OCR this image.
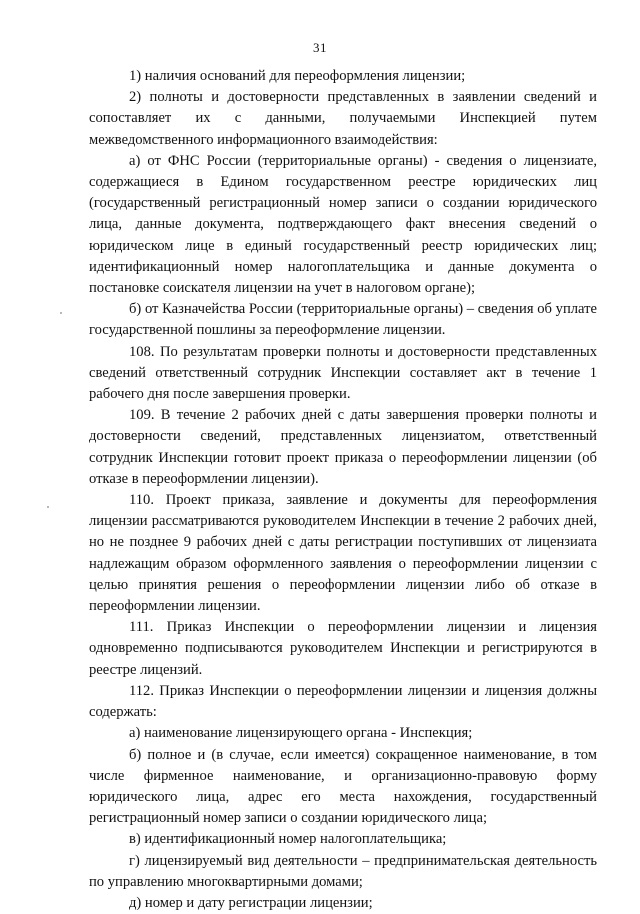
31

1) наличия оснований для переоформления лицензии;

2) полноты и достоверности представленных в заявлении сведений и сопоставляет их с данными, получаемыми Инспекцией путем межведомственного информационного взаимодействия:

а) от ФНС России (территориальные органы) - сведения о лицензиате, содержащиеся в Едином государственном реестре юридических лиц (государственный регистрационный номер записи о создании юридического лица, данные документа, подтверждающего факт внесения сведений о юридическом лице в единый государственный реестр юридических лиц; идентификационный номер налогоплательщика и данные документа о постановке соискателя лицензии на учет в налоговом органе);

б) от Казначейства России (территориальные органы) – сведения об уплате государственной пошлины за переоформление лицензии.

108. По результатам проверки полноты и достоверности представленных сведений ответственный сотрудник Инспекции составляет акт в течение 1 рабочего дня после завершения проверки.

109. В течение 2 рабочих дней с даты завершения проверки полноты и достоверности сведений, представленных лицензиатом, ответственный сотрудник Инспекции готовит проект приказа о переоформлении лицензии (об отказе в переоформлении лицензии).

110. Проект приказа, заявление и документы для переоформления лицензии рассматриваются руководителем Инспекции в течение 2 рабочих дней, но не позднее 9 рабочих дней с даты регистрации поступивших от лицензиата надлежащим образом оформленного заявления о переоформлении лицензии с целью принятия решения о переоформлении лицензии либо об отказе в переоформлении лицензии.

111. Приказ Инспекции о переоформлении лицензии и лицензия одновременно подписываются руководителем Инспекции и регистрируются в реестре лицензий.

112. Приказ Инспекции о переоформлении лицензии и лицензия должны содержать:

а) наименование лицензирующего органа - Инспекция;

б) полное и (в случае, если имеется) сокращенное наименование, в том числе фирменное наименование, и организационно-правовую форму юридического лица, адрес его места нахождения, государственный регистрационный номер записи о создании юридического лица;

в) идентификационный номер налогоплательщика;

г) лицензируемый вид деятельности – предпринимательская деятельность по управлению многоквартирными домами;

д) номер и дату регистрации лицензии;
